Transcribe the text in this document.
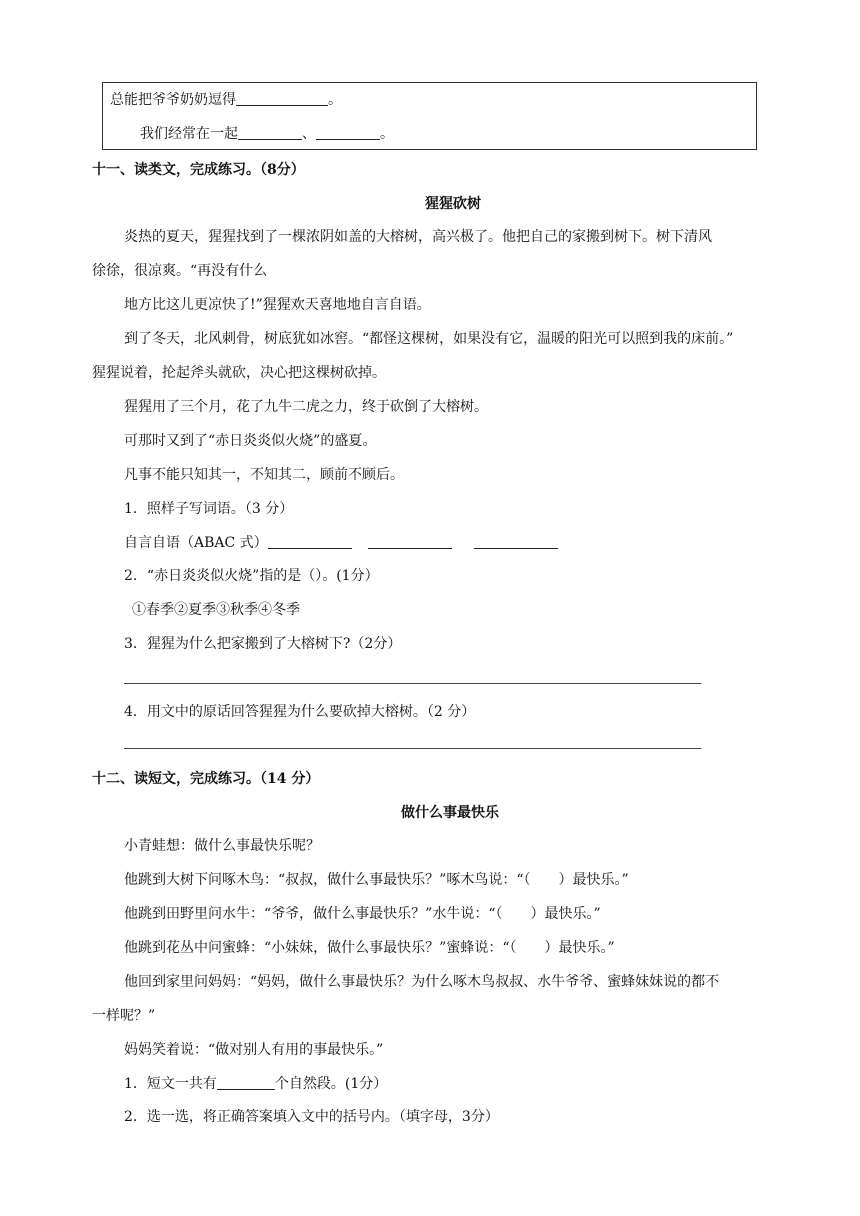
总能把爷爷奶奶逗得	。
我们经常在一起	、	。
十一、读类文，完成练习。（8分）
猩猩砍树
炎热的夏天，猩猩找到了一棵浓阴如盖的大榕树，高兴极了。他把自己的家搬到树下。树下清风
徐徐，很凉爽。“再没有什么
地方比这儿更凉快了!”猩猩欢天喜地地自言自语。
到了冬天，北风刺骨，树底犹如冰窖。“都怪这棵树，如果没有它，温暖的阳光可以照到我的床前。”
猩猩说着，抡起斧头就砍，决心把这棵树砍掉。
猩猩用了三个月，花了九牛二虎之力，终于砍倒了大榕树。
可那时又到了“赤日炎炎似火烧”的盛夏。
凡事不能只知其一，不知其二，顾前不顾后。
1．照样子写词语。（3 分）
自言自语（ABAC 式）
2．“赤日炎炎似火烧”指的是（）。(1分）
①春季②夏季③秋季④冬季
3．猩猩为什么把家搬到了大榕树下?（2分）
4．用文中的原话回答猩猩为什么要砍掉大榕树。（2 分）
十二、读短文，完成练习。（14 分）
做什么事最快乐
小青蛙想：做什么事最快乐呢？
他跳到大树下问啄木鸟：“叔叔，做什么事最快乐？”啄木鸟说：“（　　）最快乐。”
他跳到田野里问水牛：“爷爷，做什么事最快乐？”水牛说：“（　　）最快乐。”
他跳到花丛中问蜜蜂：“小妹妹，做什么事最快乐？”蜜蜂说：“（　　）最快乐。”
他回到家里问妈妈：“妈妈，做什么事最快乐？为什么啄木鸟叔叔、水牛爷爷、蜜蜂妹妹说的都不
一样呢？”
妈妈笑着说：“做对别人有用的事最快乐。”
1．短文一共有	个自然段。(1分）
2．选一选，将正确答案填入文中的括号内。（填字母，3分）
